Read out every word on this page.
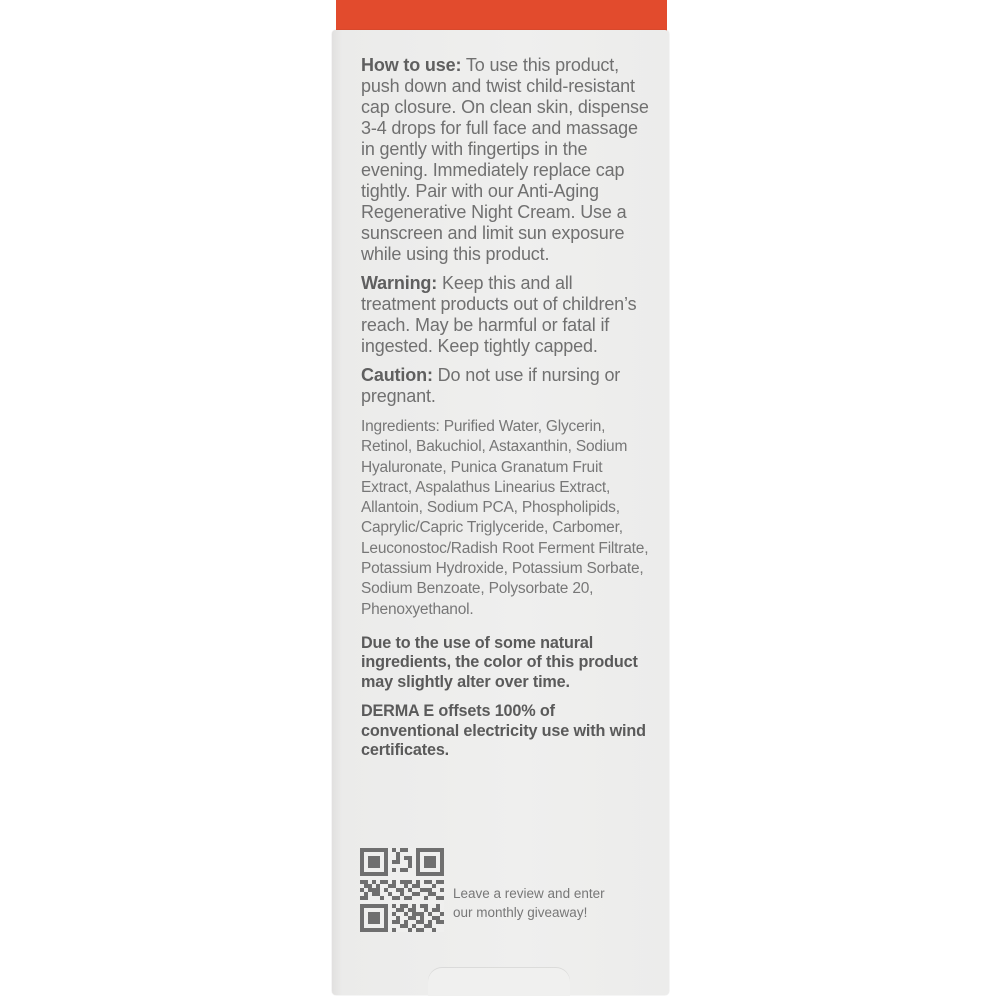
How to use: To use this product, push down and twist child-resistant cap closure. On clean skin, dispense 3-4 drops for full face and massage in gently with fingertips in the evening. Immediately replace cap tightly. Pair with our Anti-Aging Regenerative Night Cream. Use a sunscreen and limit sun exposure while using this product.
Warning: Keep this and all treatment products out of children’s reach. May be harmful or fatal if ingested. Keep tightly capped.
Caution: Do not use if nursing or pregnant.
Ingredients: Purified Water, Glycerin, Retinol, Bakuchiol, Astaxanthin, Sodium Hyaluronate, Punica Granatum Fruit Extract, Aspalathus Linearius Extract, Allantoin, Sodium PCA, Phospholipids, Caprylic/Capric Triglyceride, Carbomer, Leuconostoc/Radish Root Ferment Filtrate, Potassium Hydroxide, Potassium Sorbate, Sodium Benzoate, Polysorbate 20, Phenoxyethanol.
Due to the use of some natural ingredients, the color of this product may slightly alter over time.
DERMA E offsets 100% of conventional electricity use with wind certificates.
Leave a review and enter our monthly giveaway!
